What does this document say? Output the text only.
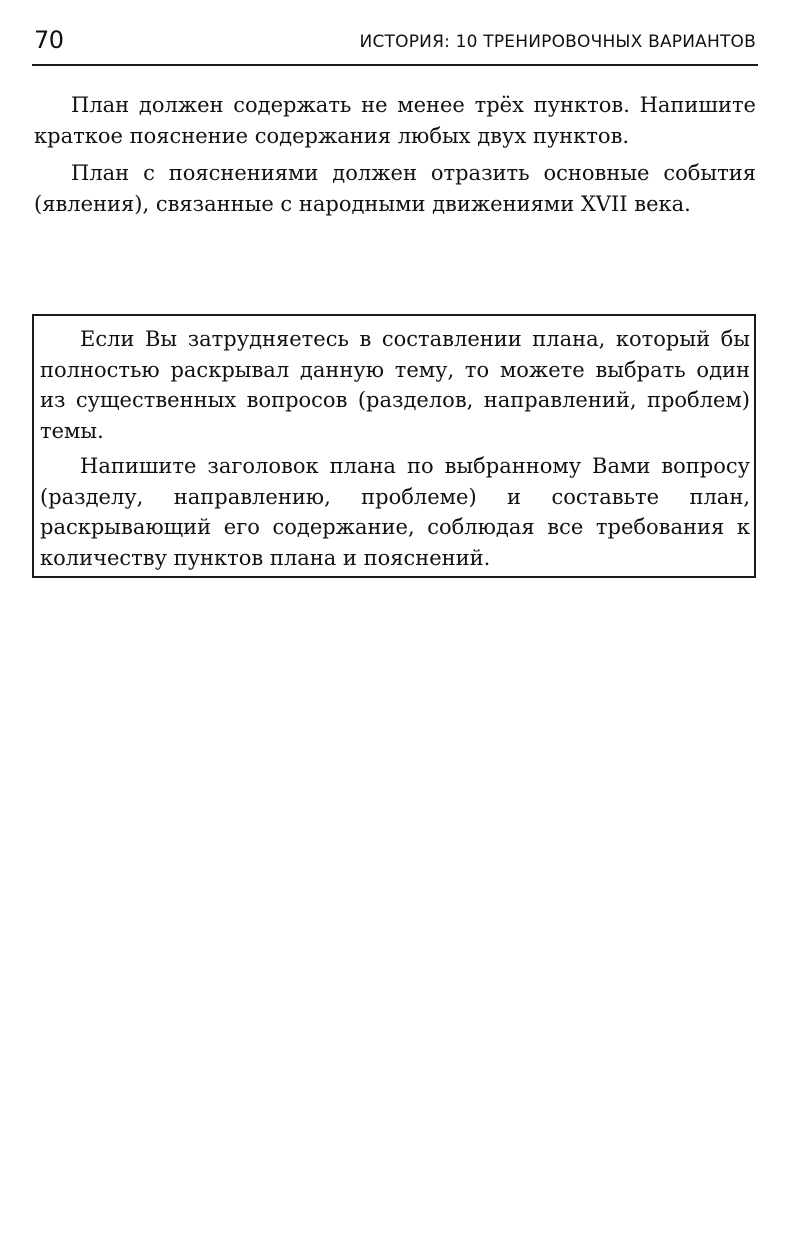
70	ИСТОРИЯ: 10 ТРЕНИРОВОЧНЫХ ВАРИАНТОВ

План должен содержать не менее трёх пунктов. Напишите краткое пояснение содержания любых двух пунктов.

План с пояснениями должен отразить основные события (явления), связанные с народными движениями XVII века.

Если Вы затрудняетесь в составлении плана, который бы полностью раскрывал данную тему, то можете выбрать один из существенных вопросов (разделов, направлений, проблем) темы.

Напишите заголовок плана по выбранному Вами вопросу (разделу, направлению, проблеме) и составьте план, раскрывающий его содержание, соблюдая все требования к количеству пунктов плана и пояснений.
